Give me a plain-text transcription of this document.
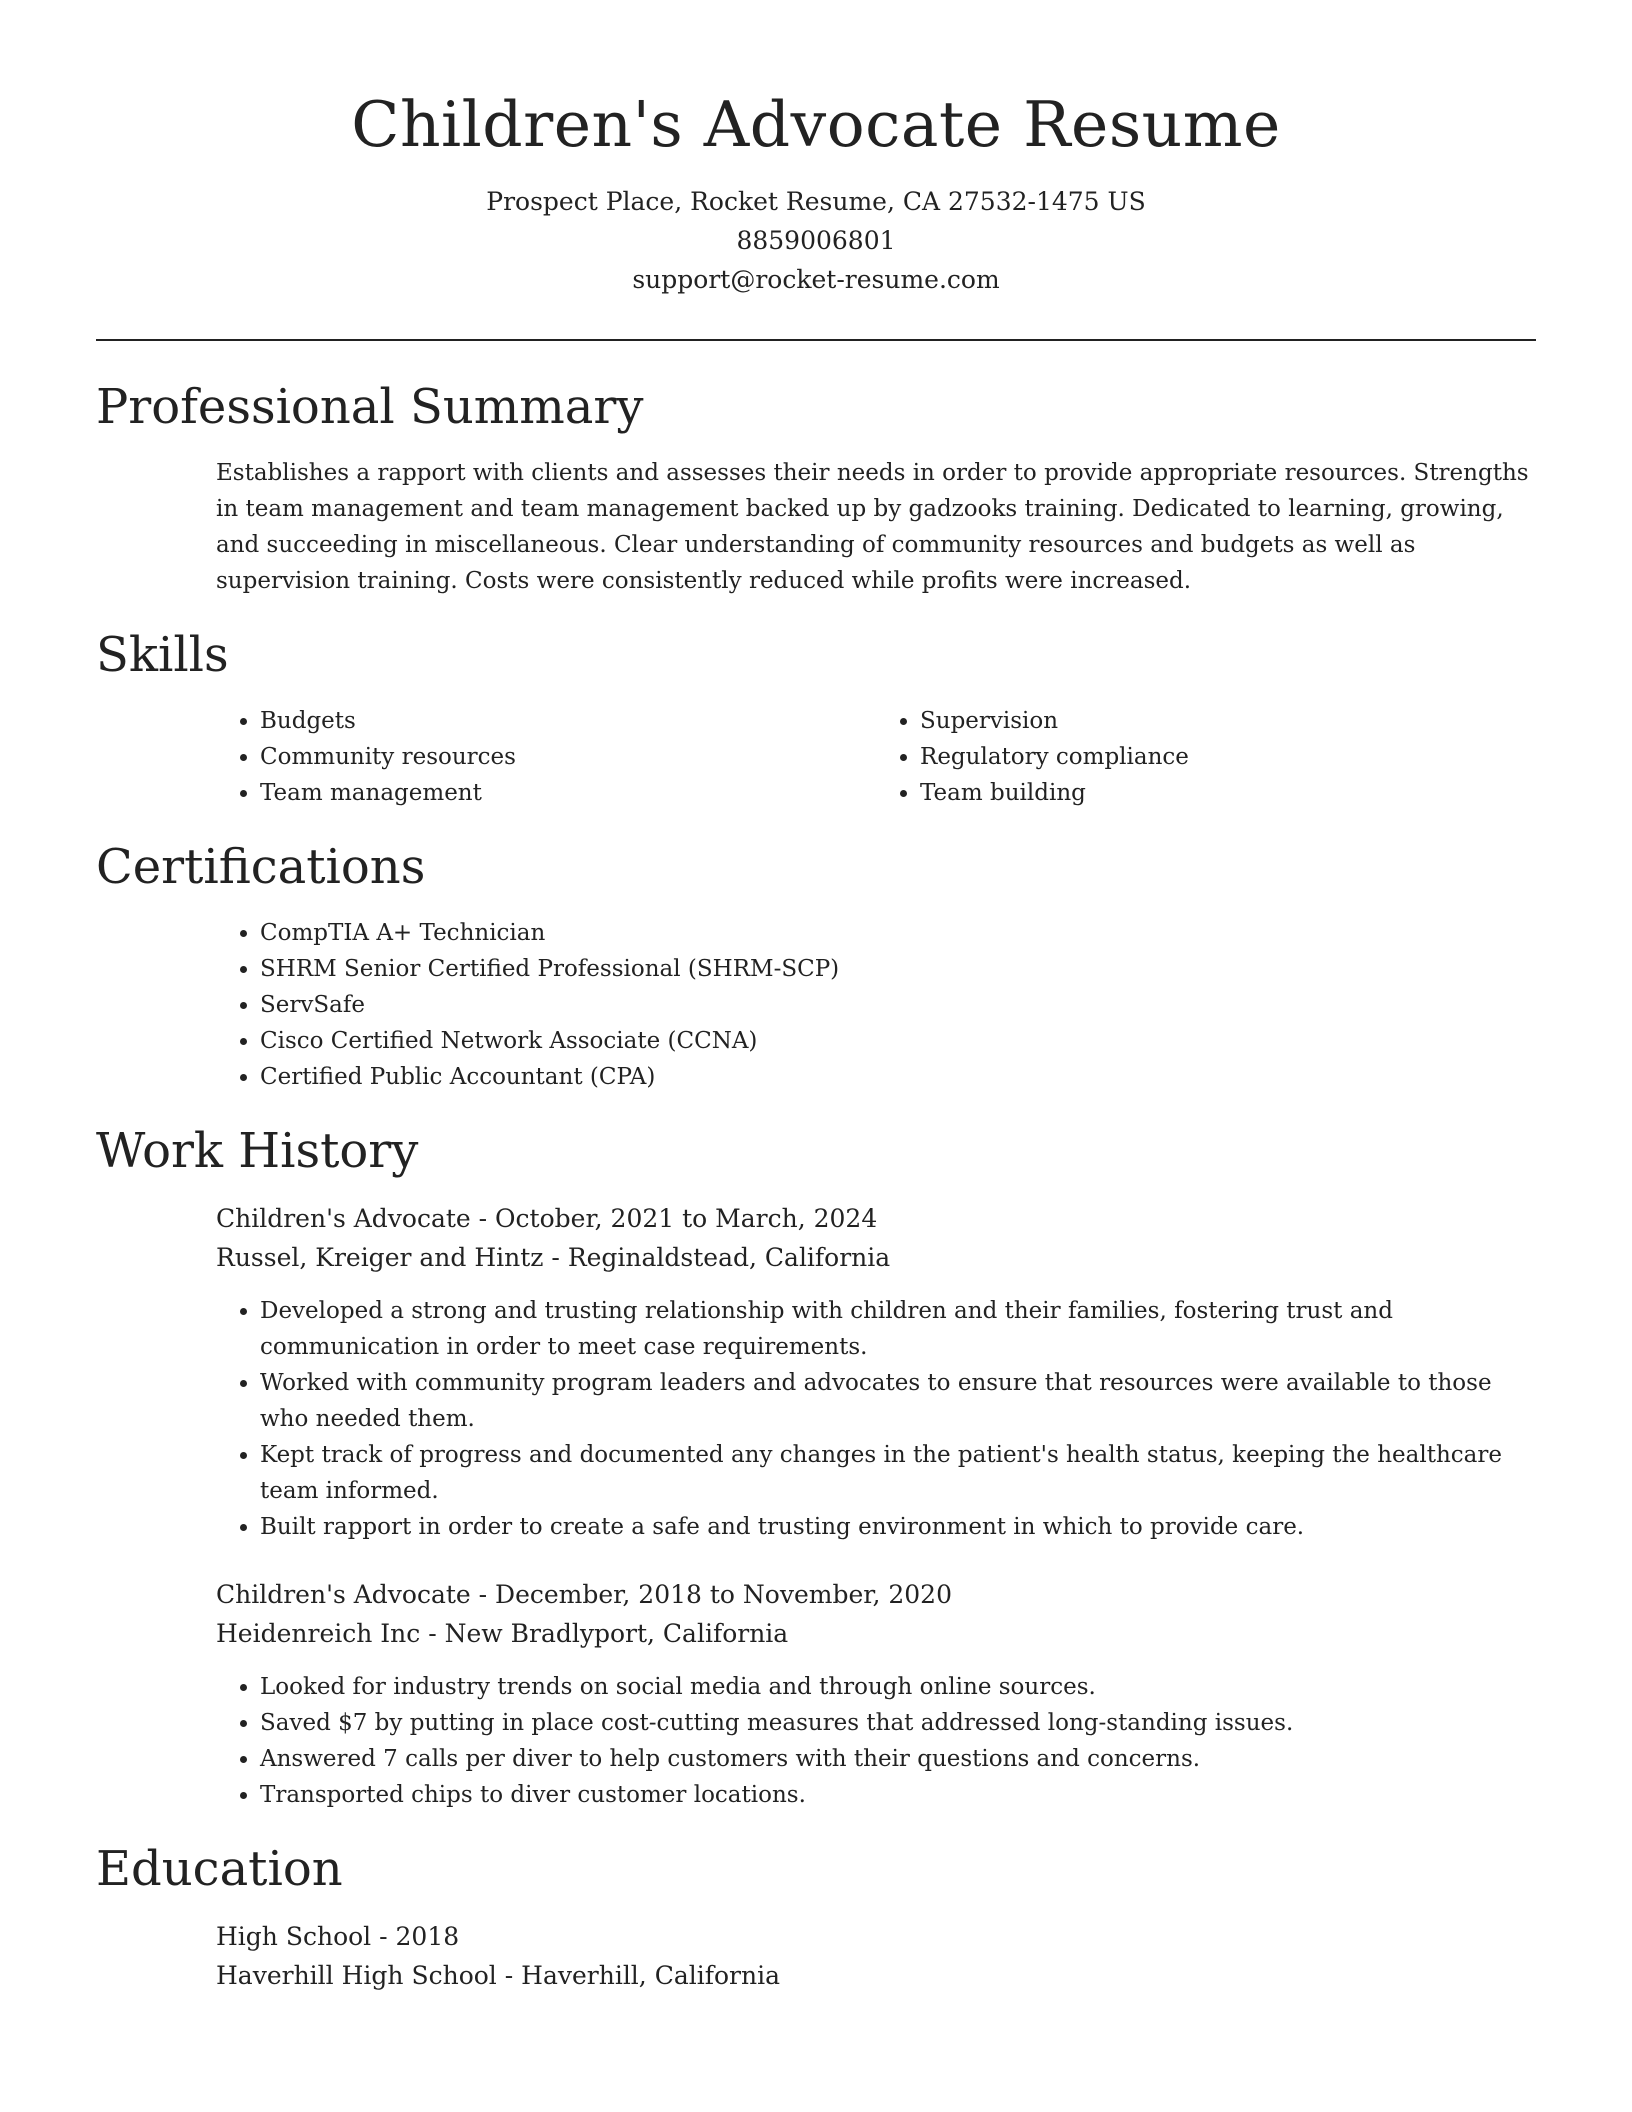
Children's Advocate Resume
Prospect Place, Rocket Resume, CA 27532-1475 US
8859006801
support@rocket-resume.com
Professional Summary
Establishes a rapport with clients and assesses their needs in order to provide appropriate resources. Strengths in team management and team management backed up by gadzooks training. Dedicated to learning, growing, and succeeding in miscellaneous. Clear understanding of community resources and budgets as well as supervision training. Costs were consistently reduced while profits were increased.
Skills
• Budgets
• Community resources
• Team management
• Supervision
• Regulatory compliance
• Team building
Certifications
• CompTIA A+ Technician
• SHRM Senior Certified Professional (SHRM-SCP)
• ServSafe
• Cisco Certified Network Associate (CCNA)
• Certified Public Accountant (CPA)
Work History
Children's Advocate - October, 2021 to March, 2024
Russel, Kreiger and Hintz - Reginaldstead, California
• Developed a strong and trusting relationship with children and their families, fostering trust and communication in order to meet case requirements.
• Worked with community program leaders and advocates to ensure that resources were available to those who needed them.
• Kept track of progress and documented any changes in the patient's health status, keeping the healthcare team informed.
• Built rapport in order to create a safe and trusting environment in which to provide care.
Children's Advocate - December, 2018 to November, 2020
Heidenreich Inc - New Bradlyport, California
• Looked for industry trends on social media and through online sources.
• Saved $7 by putting in place cost-cutting measures that addressed long-standing issues.
• Answered 7 calls per diver to help customers with their questions and concerns.
• Transported chips to diver customer locations.
Education
High School - 2018
Haverhill High School - Haverhill, California
